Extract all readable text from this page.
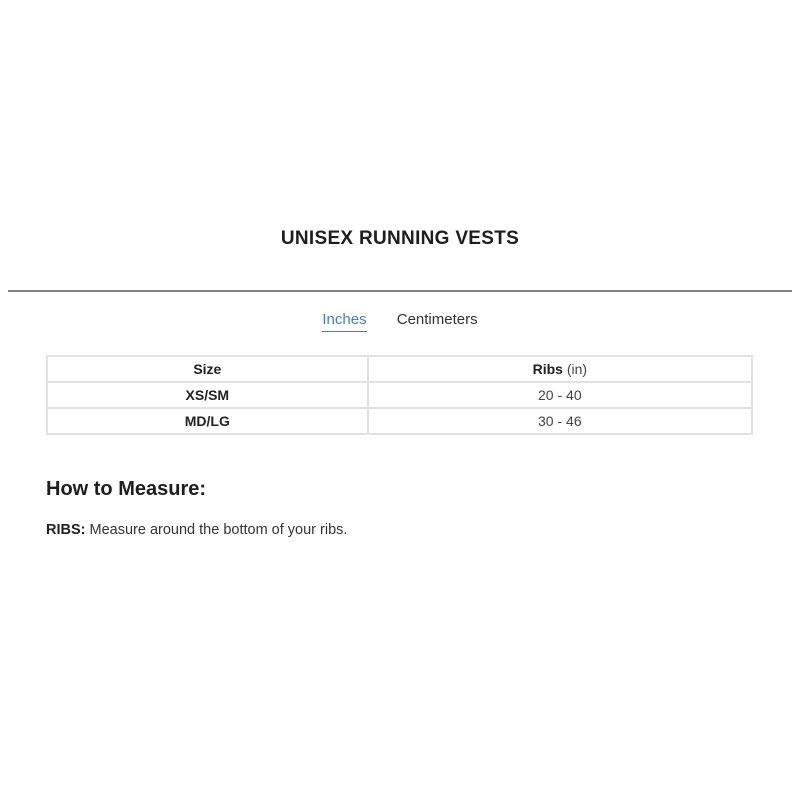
UNISEX RUNNING VESTS
Inches Centimeters
Size	Ribs (in)
XS/SM	20 - 40
MD/LG	30 - 46
How to Measure:
RIBS: Measure around the bottom of your ribs.
